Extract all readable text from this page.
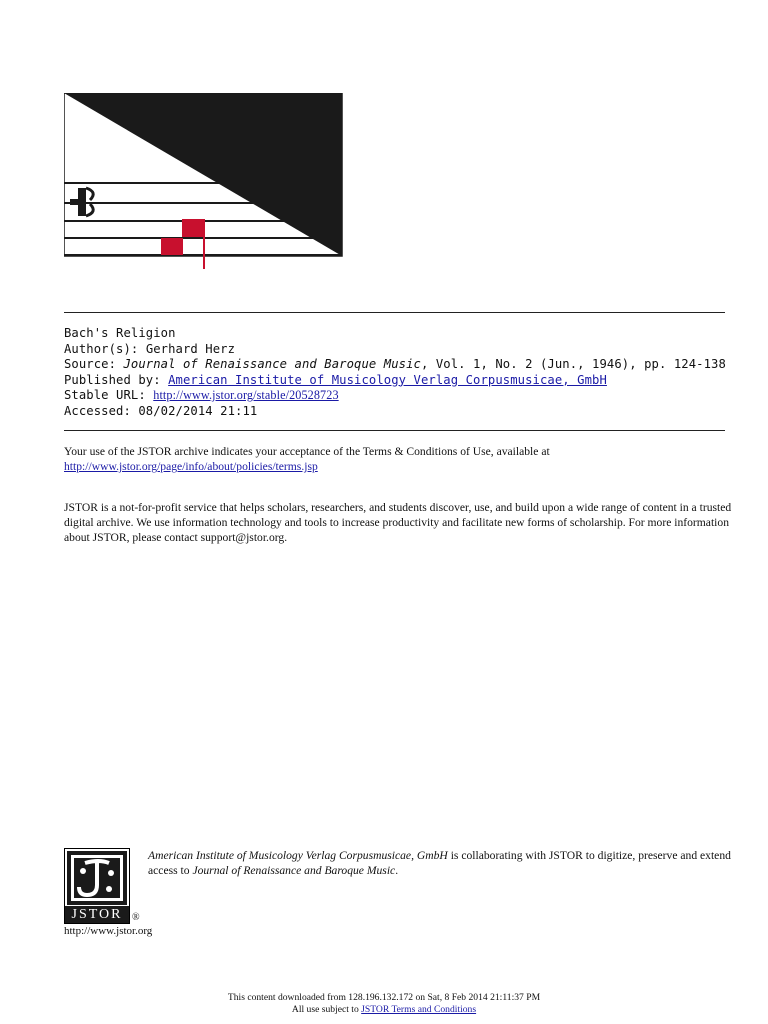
Bach's Religion
Author(s): Gerhard Herz
Source: Journal of Renaissance and Baroque Music, Vol. 1, No. 2 (Jun., 1946), pp. 124-138
Published by: American Institute of Musicology Verlag Corpusmusicae, GmbH
Stable URL: http://www.jstor.org/stable/20528723
Accessed: 08/02/2014 21:11
Your use of the JSTOR archive indicates your acceptance of the Terms & Conditions of Use, available at
http://www.jstor.org/page/info/about/policies/terms.jsp
JSTOR is a not-for-profit service that helps scholars, researchers, and students discover, use, and build upon a wide range of content in a trusted digital archive. We use information technology and tools to increase productivity and facilitate new forms of scholarship. For more information about JSTOR, please contact support@jstor.org.
JSTOR ®
http://www.jstor.org
American Institute of Musicology Verlag Corpusmusicae, GmbH is collaborating with JSTOR to digitize, preserve and extend access to Journal of Renaissance and Baroque Music.
This content downloaded from 128.196.132.172 on Sat, 8 Feb 2014 21:11:37 PM
All use subject to JSTOR Terms and Conditions
